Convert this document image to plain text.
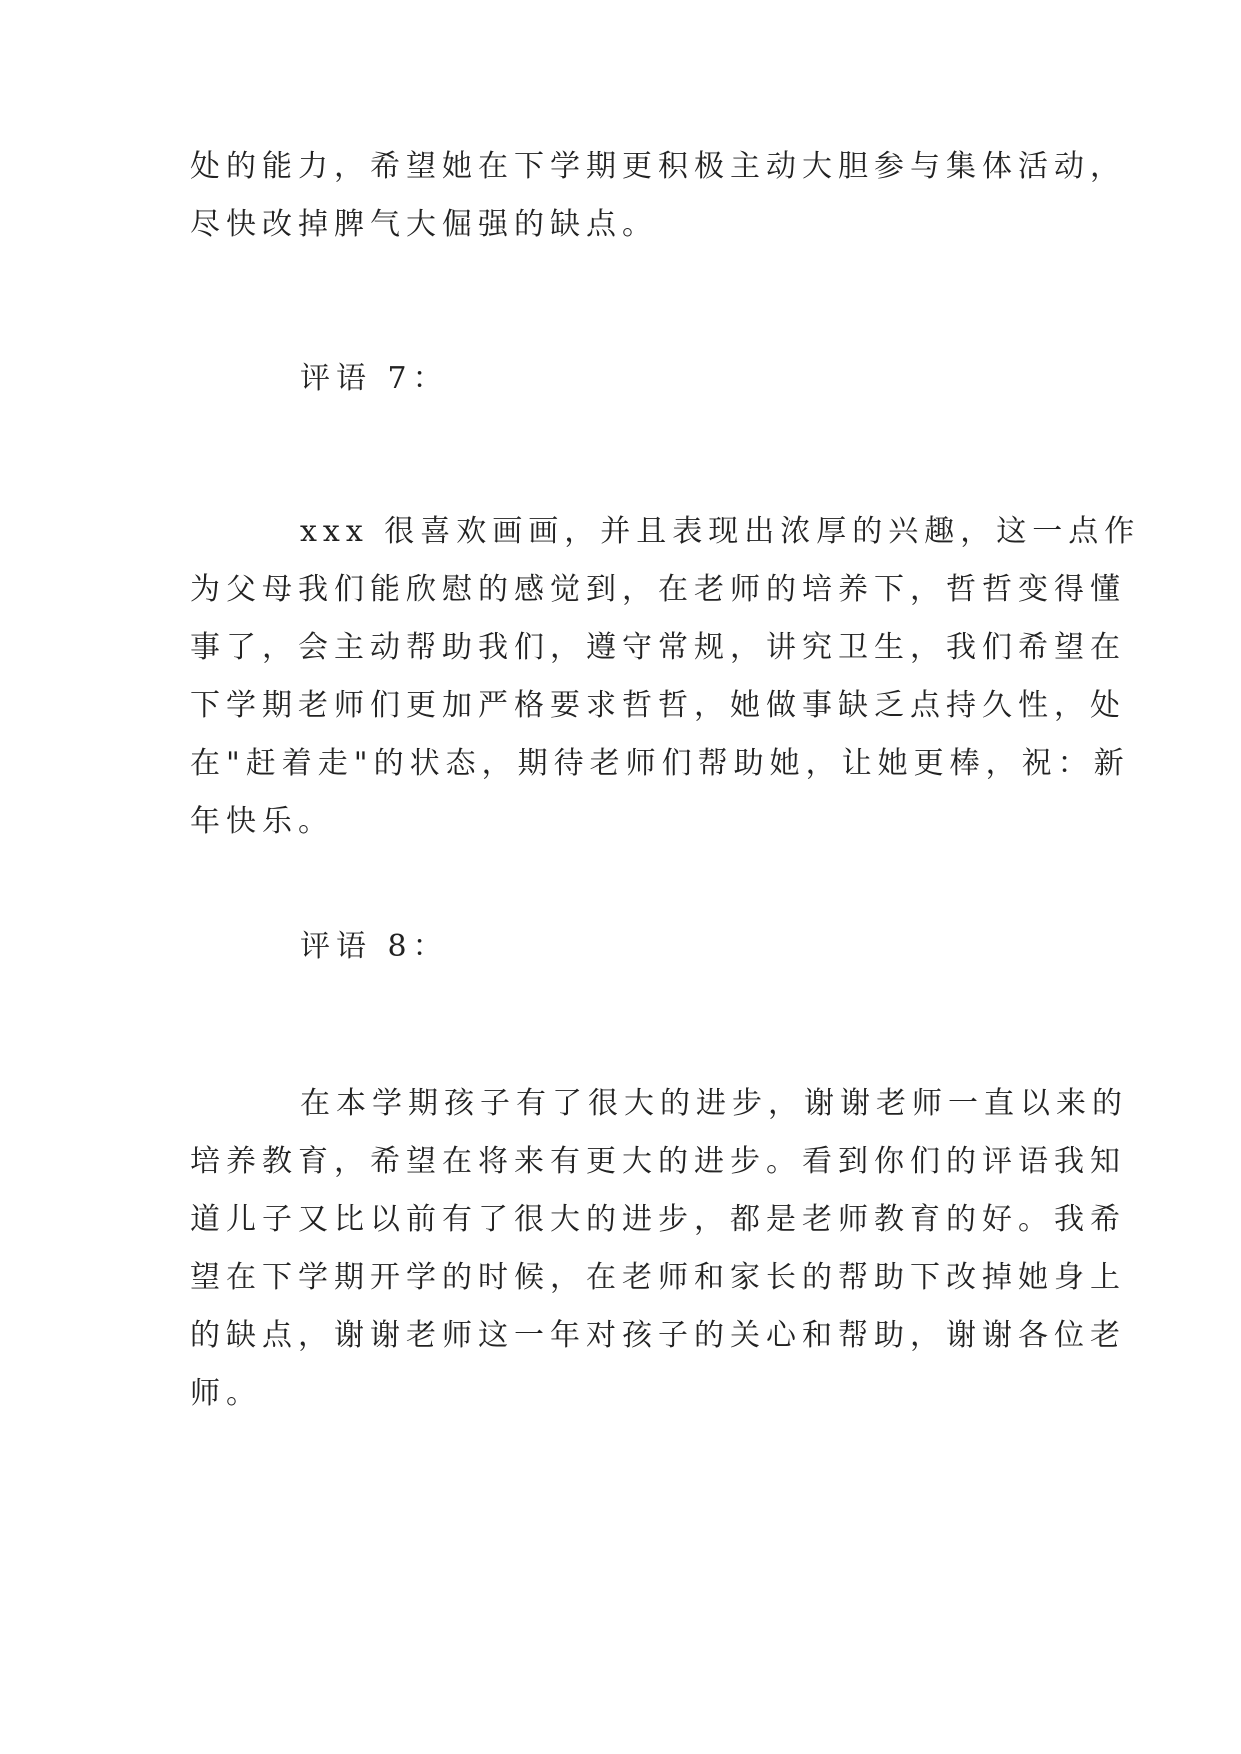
处的能力，希望她在下学期更积极主动大胆参与集体活动，
尽快改掉脾气大倔强的缺点。

评语 7：

xxx 很喜欢画画，并且表现出浓厚的兴趣，这一点作
为父母我们能欣慰的感觉到，在老师的培养下，哲哲变得懂
事了，会主动帮助我们，遵守常规，讲究卫生，我们希望在
下学期老师们更加严格要求哲哲，她做事缺乏点持久性，处
在"赶着走"的状态，期待老师们帮助她，让她更棒，祝：新
年快乐。

评语 8：

在本学期孩子有了很大的进步，谢谢老师一直以来的
培养教育，希望在将来有更大的进步。看到你们的评语我知
道儿子又比以前有了很大的进步，都是老师教育的好。我希
望在下学期开学的时候，在老师和家长的帮助下改掉她身上
的缺点，谢谢老师这一年对孩子的关心和帮助，谢谢各位老
师。
